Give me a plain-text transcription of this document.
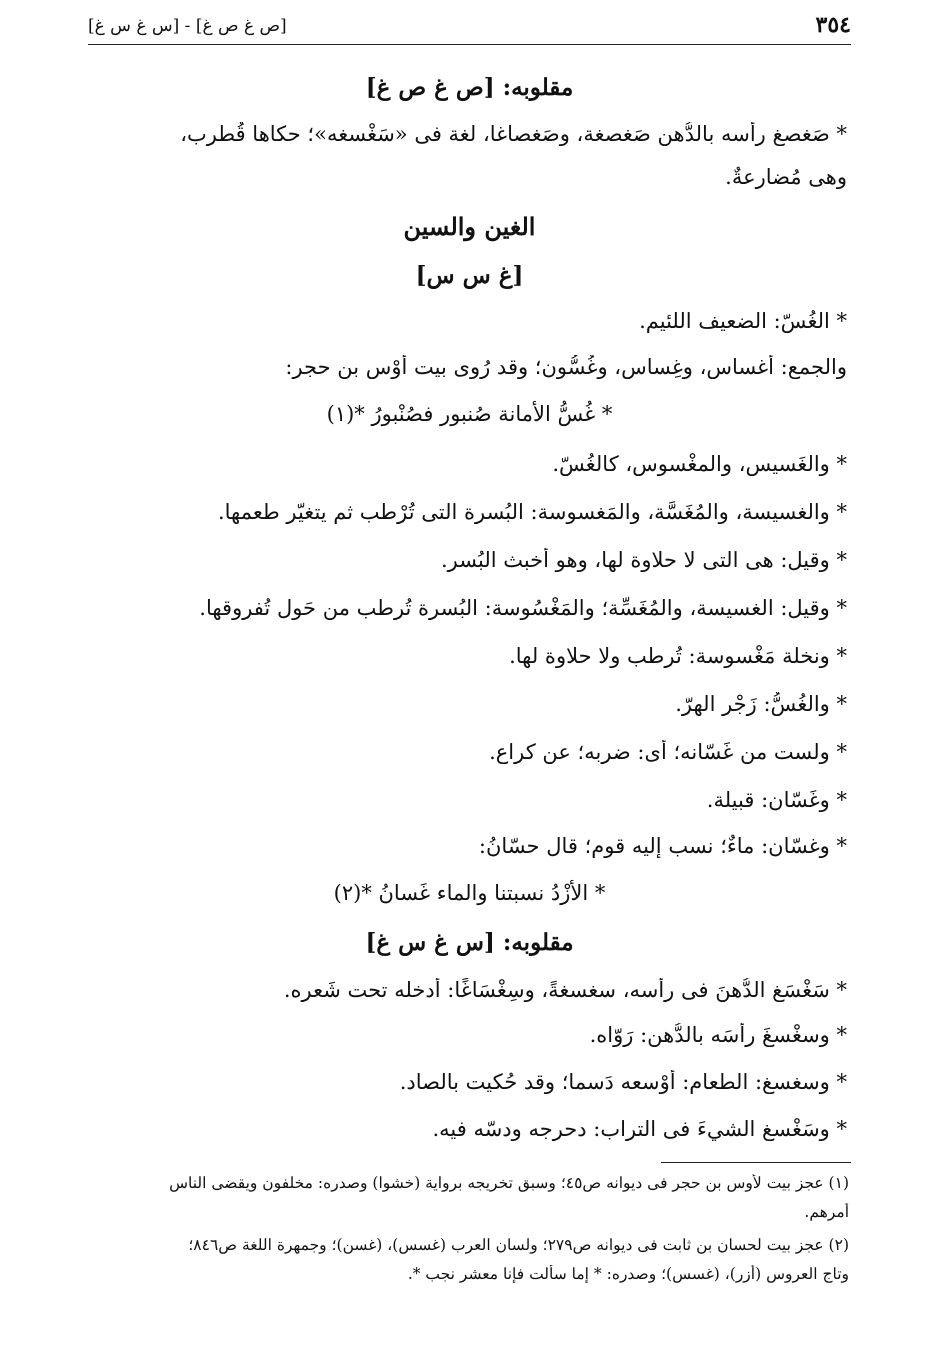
٣٥٤
[ص غ ص غ] - [س غ س غ]
مقلوبه: [ص غ ص غ]
* صَغصغ رأسه بالدُّهن صَغصغة، وصَغصاغا، لغة فى «سَغْسغه»؛ حكاها قُطرب،
وهى مُضارعةٌ.
الغين والسين
[غ س س]
* الغُسّ: الضعيف اللئيم.
والجمع: أغساس، وغِساس، وغُسُّون؛ وقد رُوى بيت أوْس بن حجر:
* غُسُّ الأمانة صُنبور فصُنْبورُ *(١)
* والغَسيس، والمغْسوس، كالغُسّ.
* والغسيسة، والمُغَسَّة، والمَغسوسة: البُسرة التى تُرْطب ثم يتغيّر طعمها.
* وقيل: هى التى لا حلاوة لها، وهو أخبث البُسر.
* وقيل: الغسيسة، والمُغَسِّة؛ والمَغْسُوسة: البُسرة تُرطب من حَول تُفروقها.
* ونخلة مَغْسوسة: تُرطب ولا حلاوة لها.
* والغُسُّ: زَجْر الهِرّ.
* ولست من غَسّانه؛ أى: ضربه؛ عن كراع.
* وغَسّان: قبيلة.
* وغسّان: ماءٌ؛ نسب إليه قوم؛ قال حسّانُ:
* الأزْدُ نسبتنا والماء غَسانُ *(٢)
مقلوبه: [س غ س غ]
* سَغْسَغ الدُّهنَ فى رأسه، سغسغةً، وسِغْسَاغًا: أدخله تحت شَعره.
* وسغْسغَ رأسَه بالدُّهن: رَوّاه.
* وسغسغ: الطعام: أوْسعه دَسما؛ وقد حُكيت بالصاد.
* وسَغْسغ الشيءَ فى التراب: دحرجه ودسّه فيه.
(١) عجز بيت لأوس بن حجر فى ديوانه ص٤٥؛ وسبق تخريجه برواية (خشوا) وصدره: مخلفون ويقضى الناس
أمرهم.
(٢) عجز بيت لحسان بن ثابت فى ديوانه ص٢٧٩؛ ولسان العرب (غسس)، (غسن)؛ وجمهرة اللغة ص٨٤٦؛
وتاج العروس (أزر)، (غسس)؛ وصدره: * إما سألت فإنا معشر نجب *.
